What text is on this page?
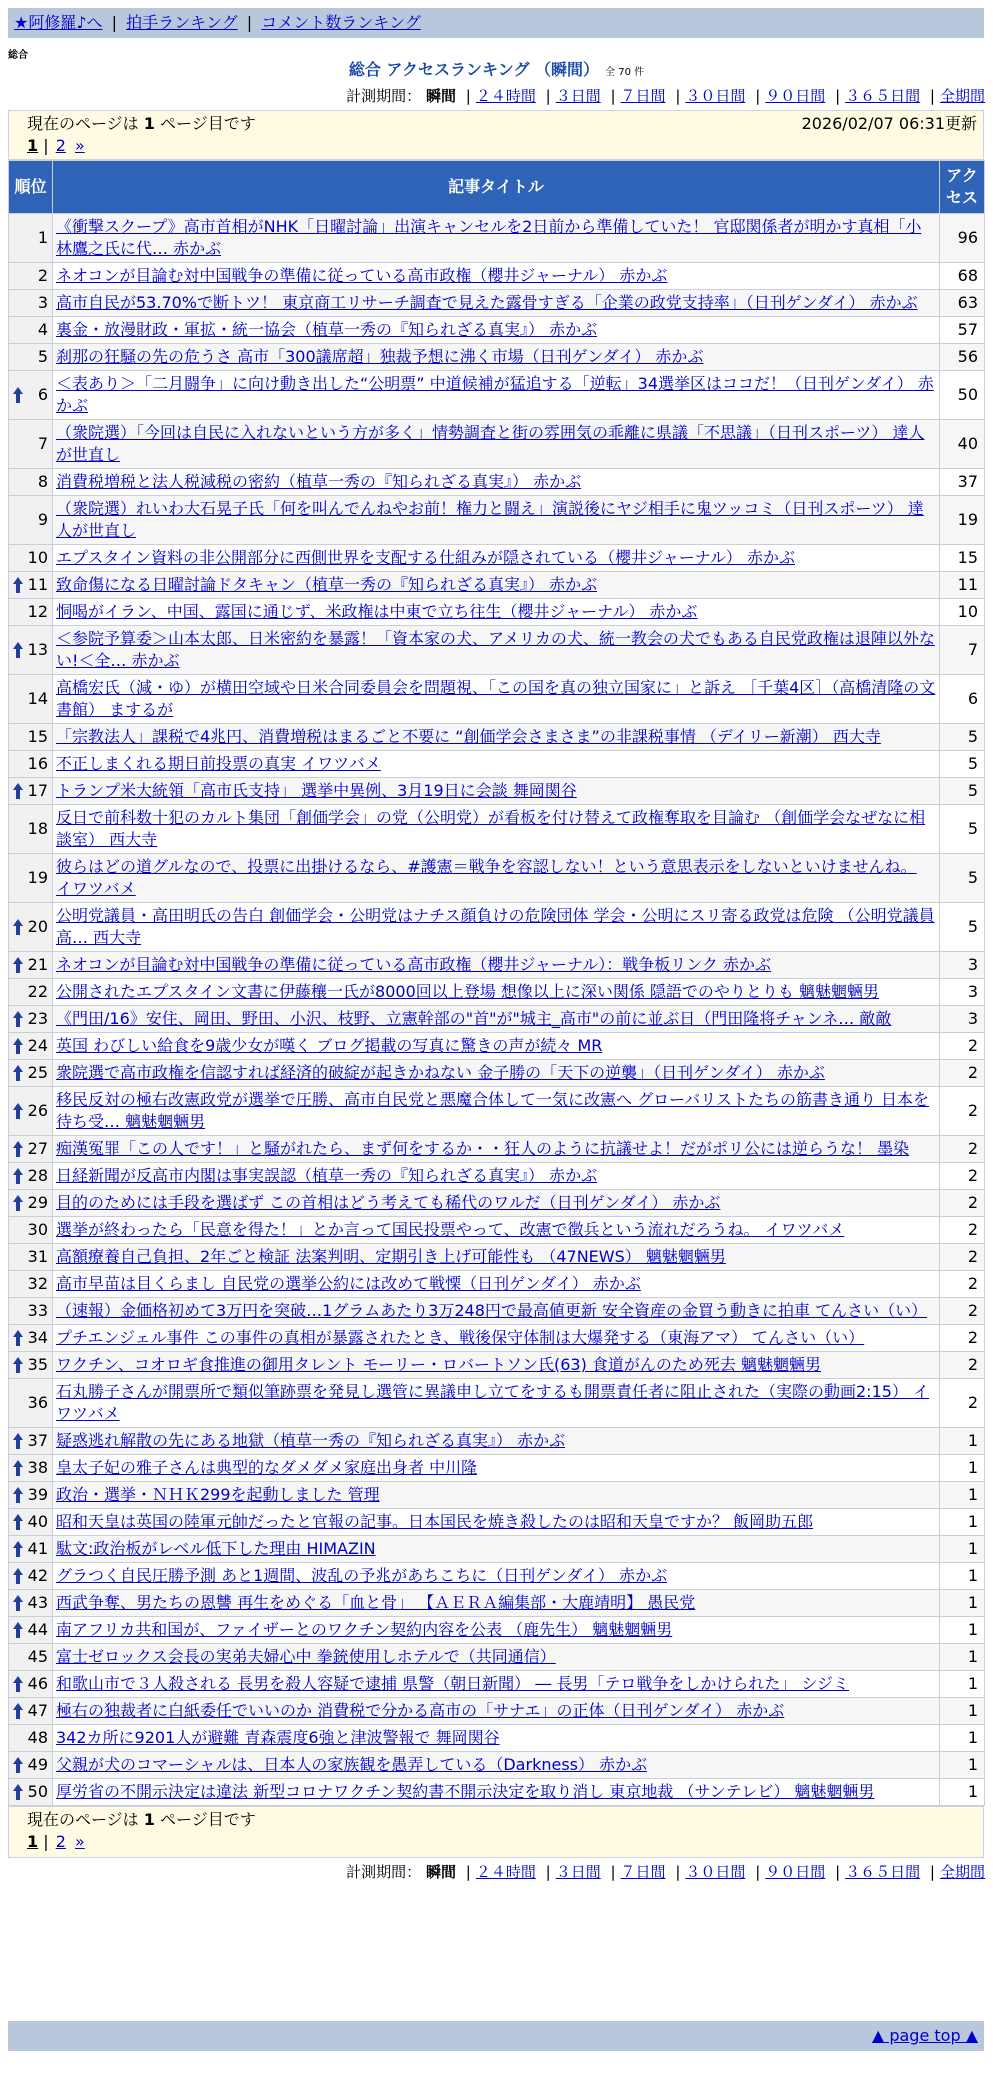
★阿修羅♪へ | 拍手ランキング | コメント数ランキング
総合
総合 アクセスランキング （瞬間） 全 70 件
計測期間： 瞬間 | ２４時間 | ３日間 | ７日間 | ３０日間 | ９０日間 | ３６５日間 | 全期間
現在のページは 1 ページ目です
1 | 2 »
2026/02/07 06:31更新
順位	記事タイトル	アクセス
1	《衝撃スクープ》高市首相がNHK「日曜討論」出演キャンセルを2日前から準備していた！ 官邸関係者が明かす真相「小林鷹之氏に代… 赤かぶ	96
2	ネオコンが目論む対中国戦争の準備に従っている高市政権（櫻井ジャーナル） 赤かぶ	68
3	高市自民が53.70%で断トツ！ 東京商工リサーチ調査で見えた露骨すぎる「企業の政党支持率」（日刊ゲンダイ） 赤かぶ	63
4	裏金・放漫財政・軍拡・統一協会（植草一秀の『知られざる真実』） 赤かぶ	57
5	刹那の狂騒の先の危うさ 高市「300議席超」独裁予想に沸く市場（日刊ゲンダイ） 赤かぶ	56

6	＜表あり＞「二月闘争」に向け動き出した“公明票” 中道候補が猛追する「逆転」34選挙区はココだ！（日刊ゲンダイ） 赤かぶ	50
7	（衆院選）「今回は自民に入れないという方が多く」情勢調査と街の雰囲気の乖離に県議「不思議」（日刊スポーツ） 達人が世直し	40
8	消費税増税と法人税減税の密約（植草一秀の『知られざる真実』） 赤かぶ	37
9	（衆院選）れいわ大石晃子氏「何を叫んでんねやお前！権力と闘え」演説後にヤジ相手に鬼ツッコミ（日刊スポーツ） 達人が世直し	19
10	エプスタイン資料の非公開部分に西側世界を支配する仕組みが隠されている（櫻井ジャーナル） 赤かぶ	15

11	致命傷になる日曜討論ドタキャン（植草一秀の『知られざる真実』） 赤かぶ	11
12	恫喝がイラン、中国、露国に通じず、米政権は中東で立ち往生（櫻井ジャーナル） 赤かぶ	10

13	＜参院予算委＞山本太郎、日米密約を暴露！「資本家の犬、アメリカの犬、統一教会の犬でもある自民党政権は退陣以外ない!＜全… 赤かぶ	7
14	高橋宏氏（減・ゆ）が横田空域や日米合同委員会を問題視、「この国を真の独立国家に」と訴え ［千葉4区］（高橋清隆の文書館） まするが	6
15	「宗教法人」課税で4兆円、消費増税はまるごと不要に “創価学会さまさま”の非課税事情 （デイリー新潮） 西大寺	5
16	不正しまくれる期日前投票の真実 イワツバメ	5

17	トランプ米大統領「高市氏支持」 選挙中異例、3月19日に会談 舞岡関谷	5
18	反日で前科数十犯のカルト集団「創価学会」の党（公明党）が看板を付け替えて政権奪取を目論む （創価学会なぜなに相談室） 西大寺	5
19	彼らはどの道グルなので、投票に出掛けるなら、#護憲＝戦争を容認しない！という意思表示をしないといけませんね。 イワツバメ	5

20	公明党議員・高田明氏の告白 創価学会・公明党はナチス顔負けの危険団体 学会・公明にスリ寄る政党は危険 （公明党議員 高… 西大寺	5

21	ネオコンが目論む対中国戦争の準備に従っている高市政権（櫻井ジャーナル）：戦争板リンク 赤かぶ	3
22	公開されたエプスタイン文書に伊藤穰一氏が8000回以上登場 想像以上に深い関係 隠語でのやりとりも 魑魅魍魎男	3

23	《門田/16》安住、岡田、野田、小沢、枝野、立憲幹部の"首"が"城主_高市"の前に並ぶ日（門田隆将チャンネ… 敵敵	3

24	英国 わびしい給食を9歳少女が嘆く ブログ掲載の写真に驚きの声が続々 MR	2

25	衆院選で高市政権を信認すれば経済的破綻が起きかねない 金子勝の「天下の逆襲」（日刊ゲンダイ） 赤かぶ	2

26	移民反対の極右改憲政党が選挙で圧勝、高市自民党と悪魔合体して一気に改憲へ グローバリストたちの筋書き通り 日本を待ち受… 魑魅魍魎男	2

27	痴漢冤罪「この人です！」と騒がれたら、まず何をするか・・狂人のように抗議せよ！だがポリ公には逆らうな！ 墨染	2

28	日経新聞が反高市内閣は事実誤認（植草一秀の『知られざる真実』） 赤かぶ	2

29	目的のためには手段を選ばず この首相はどう考えても稀代のワルだ（日刊ゲンダイ） 赤かぶ	2
30	選挙が終わったら「民意を得た！」とか言って国民投票やって、改憲で徴兵という流れだろうね。 イワツバメ	2
31	高額療養自己負担、2年ごと検証 法案判明、定期引き上げ可能性も （47NEWS） 魑魅魍魎男	2
32	高市早苗は目くらまし 自民党の選挙公約には改めて戦慄（日刊ゲンダイ） 赤かぶ	2
33	（速報）金価格初めて3万円を突破…1グラムあたり3万248円で最高値更新 安全資産の金買う動きに拍車 てんさい（い）	2

34	プチエンジェル事件 この事件の真相が暴露されたとき、戦後保守体制は大爆発する（東海アマ） てんさい（い）	2

35	ワクチン、コオロギ食推進の御用タレント モーリー・ロバートソン氏(63) 食道がんのため死去 魑魅魍魎男	2
36	石丸勝子さんが開票所で類似筆跡票を発見し選管に異議申し立てをするも開票責任者に阻止された（実際の動画2:15） イワツバメ	2

37	疑惑逃れ解散の先にある地獄（植草一秀の『知られざる真実』） 赤かぶ	1

38	皇太子妃の雅子さんは典型的なダメダメ家庭出身者 中川隆	1

39	政治・選挙・ＮＨＫ299を起動しました 管理	1

40	昭和天皇は英国の陸軍元帥だったと官報の記事。日本国民を焼き殺したのは昭和天皇ですか？ 飯岡助五郎	1

41	駄文:政治板がレベル低下した理由 HIMAZIN	1

42	グラつく自民圧勝予測 あと1週間、波乱の予兆があちこちに（日刊ゲンダイ） 赤かぶ	1

43	西武争奪、男たちの恩讐 再生をめぐる「血と骨」 【ＡＥＲＡ編集部・大鹿靖明】 愚民党	1

44	南アフリカ共和国が、ファイザーとのワクチン契約内容を公表 （鹿先生） 魑魅魍魎男	1
45	富士ゼロックス会長の実弟夫婦心中 拳銃使用しホテルで（共同通信）	1

46	和歌山市で３人殺される 長男を殺人容疑で逮捕 県警（朝日新聞） ― 長男「テロ戦争をしかけられた」 シジミ	1

47	極右の独裁者に白紙委任でいいのか 消費税で分かる高市の「サナエ」の正体（日刊ゲンダイ） 赤かぶ	1
48	342カ所に9201人が避難 青森震度6強と津波警報で 舞岡関谷	1

49	父親が犬のコマーシャルは、日本人の家族観を愚弄している（Darkness） 赤かぶ	1

50	厚労省の不開示決定は違法 新型コロナワクチン契約書不開示決定を取り消し 東京地裁 （サンテレビ） 魑魅魍魎男	1
現在のページは 1 ページ目です
1 | 2 »
計測期間： 瞬間 | ２４時間 | ３日間 | ７日間 | ３０日間 | ９０日間 | ３６５日間 | 全期間
▲ page top ▲
